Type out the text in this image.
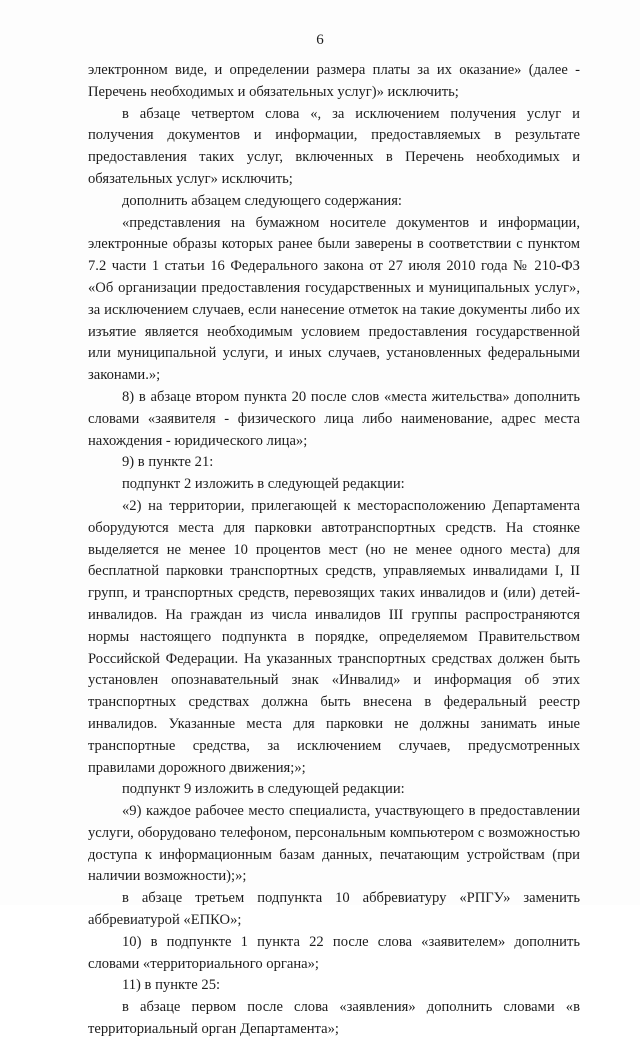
6

электронном виде, и определении размера платы за их оказание» (далее - Перечень необходимых и обязательных услуг)» исключить;

в абзаце четвертом слова «, за исключением получения услуг и получения документов и информации, предоставляемых в результате предоставления таких услуг, включенных в Перечень необходимых и обязательных услуг» исключить;

дополнить абзацем следующего содержания:

«представления на бумажном носителе документов и информации, электронные образы которых ранее были заверены в соответствии с пунктом 7.2 части 1 статьи 16 Федерального закона от 27 июля 2010 года № 210-ФЗ «Об организации предоставления государственных и муниципальных услуг», за исключением случаев, если нанесение отметок на такие документы либо их изъятие является необходимым условием предоставления государственной или муниципальной услуги, и иных случаев, установленных федеральными законами.»;

8) в абзаце втором пункта 20 после слов «места жительства» дополнить словами «заявителя - физического лица либо наименование, адрес места нахождения - юридического лица»;

9) в пункте 21:

подпункт 2 изложить в следующей редакции:

«2) на территории, прилегающей к месторасположению Департамента оборудуются места для парковки автотранспортных средств. На стоянке выделяется не менее 10 процентов мест (но не менее одного места) для бесплатной парковки транспортных средств, управляемых инвалидами I, II групп, и транспортных средств, перевозящих таких инвалидов и (или) детей-инвалидов. На граждан из числа инвалидов III группы распространяются нормы настоящего подпункта в порядке, определяемом Правительством Российской Федерации. На указанных транспортных средствах должен быть установлен опознавательный знак «Инвалид» и информация об этих транспортных средствах должна быть внесена в федеральный реестр инвалидов. Указанные места для парковки не должны занимать иные транспортные средства, за исключением случаев, предусмотренных правилами дорожного движения;»;

подпункт 9 изложить в следующей редакции:

«9) каждое рабочее место специалиста, участвующего в предоставлении услуги, оборудовано телефоном, персональным компьютером с возможностью доступа к информационным базам данных, печатающим устройствам (при наличии возможности);»;

в абзаце третьем подпункта 10 аббревиатуру «РПГУ» заменить аббревиатурой «ЕПКО»;

10) в подпункте 1 пункта 22 после слова «заявителем» дополнить словами «территориального органа»;

11) в пункте 25:

в абзаце первом после слова «заявления» дополнить словами «в территориальный орган Департамента»;
